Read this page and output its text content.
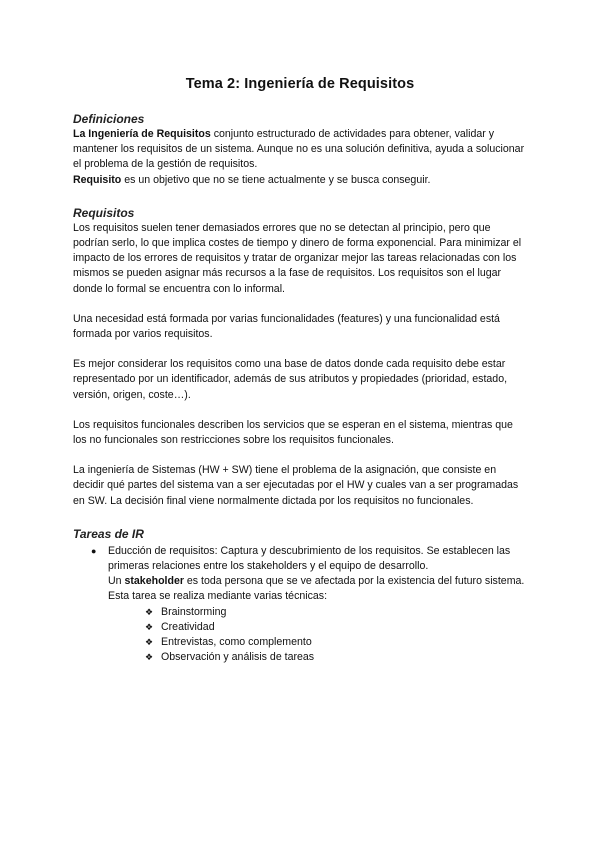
Tema 2: Ingeniería de Requisitos
Definiciones

La Ingeniería de Requisitos conjunto estructurado de actividades para obtener, validar y mantener los requisitos de un sistema. Aunque no es una solución definitiva, ayuda a solucionar el problema de la gestión de requisitos.

Requisito es un objetivo que no se tiene actualmente y se busca conseguir.

Requisitos

Los requisitos suelen tener demasiados errores que no se detectan al principio, pero que podrían serlo, lo que implica costes de tiempo y dinero de forma exponencial. Para minimizar el impacto de los errores de requisitos y tratar de organizar mejor las tareas relacionadas con los mismos se pueden asignar más recursos a la fase de requisitos. Los requisitos son el lugar donde lo formal se encuentra con lo informal.

Una necesidad está formada por varias funcionalidades (features) y una funcionalidad está formada por varios requisitos.

Es mejor considerar los requisitos como una base de datos donde cada requisito debe estar representado por un identificador, además de sus atributos y propiedades (prioridad, estado, versión, origen, coste…).

Los requisitos funcionales describen los servicios que se esperan en el sistema, mientras que los no funcionales son restricciones sobre los requisitos funcionales.

La ingeniería de Sistemas (HW + SW) tiene el problema de la asignación, que consiste en decidir qué partes del sistema van a ser ejecutadas por el HW y cuales van a ser programadas en SW. La decisión final viene normalmente dictada por los requisitos no funcionales.

Tareas de IR
● Educción de requisitos: Captura y descubrimiento de los requisitos. Se establecen las primeras relaciones entre los stakeholders y el equipo de desarrollo.
Un stakeholder es toda persona que se ve afectada por la existencia del futuro sistema. Esta tarea se realiza mediante varias técnicas:
❖ Brainstorming
❖ Creatividad
❖ Entrevistas, como complemento
❖ Observación y análisis de tareas
